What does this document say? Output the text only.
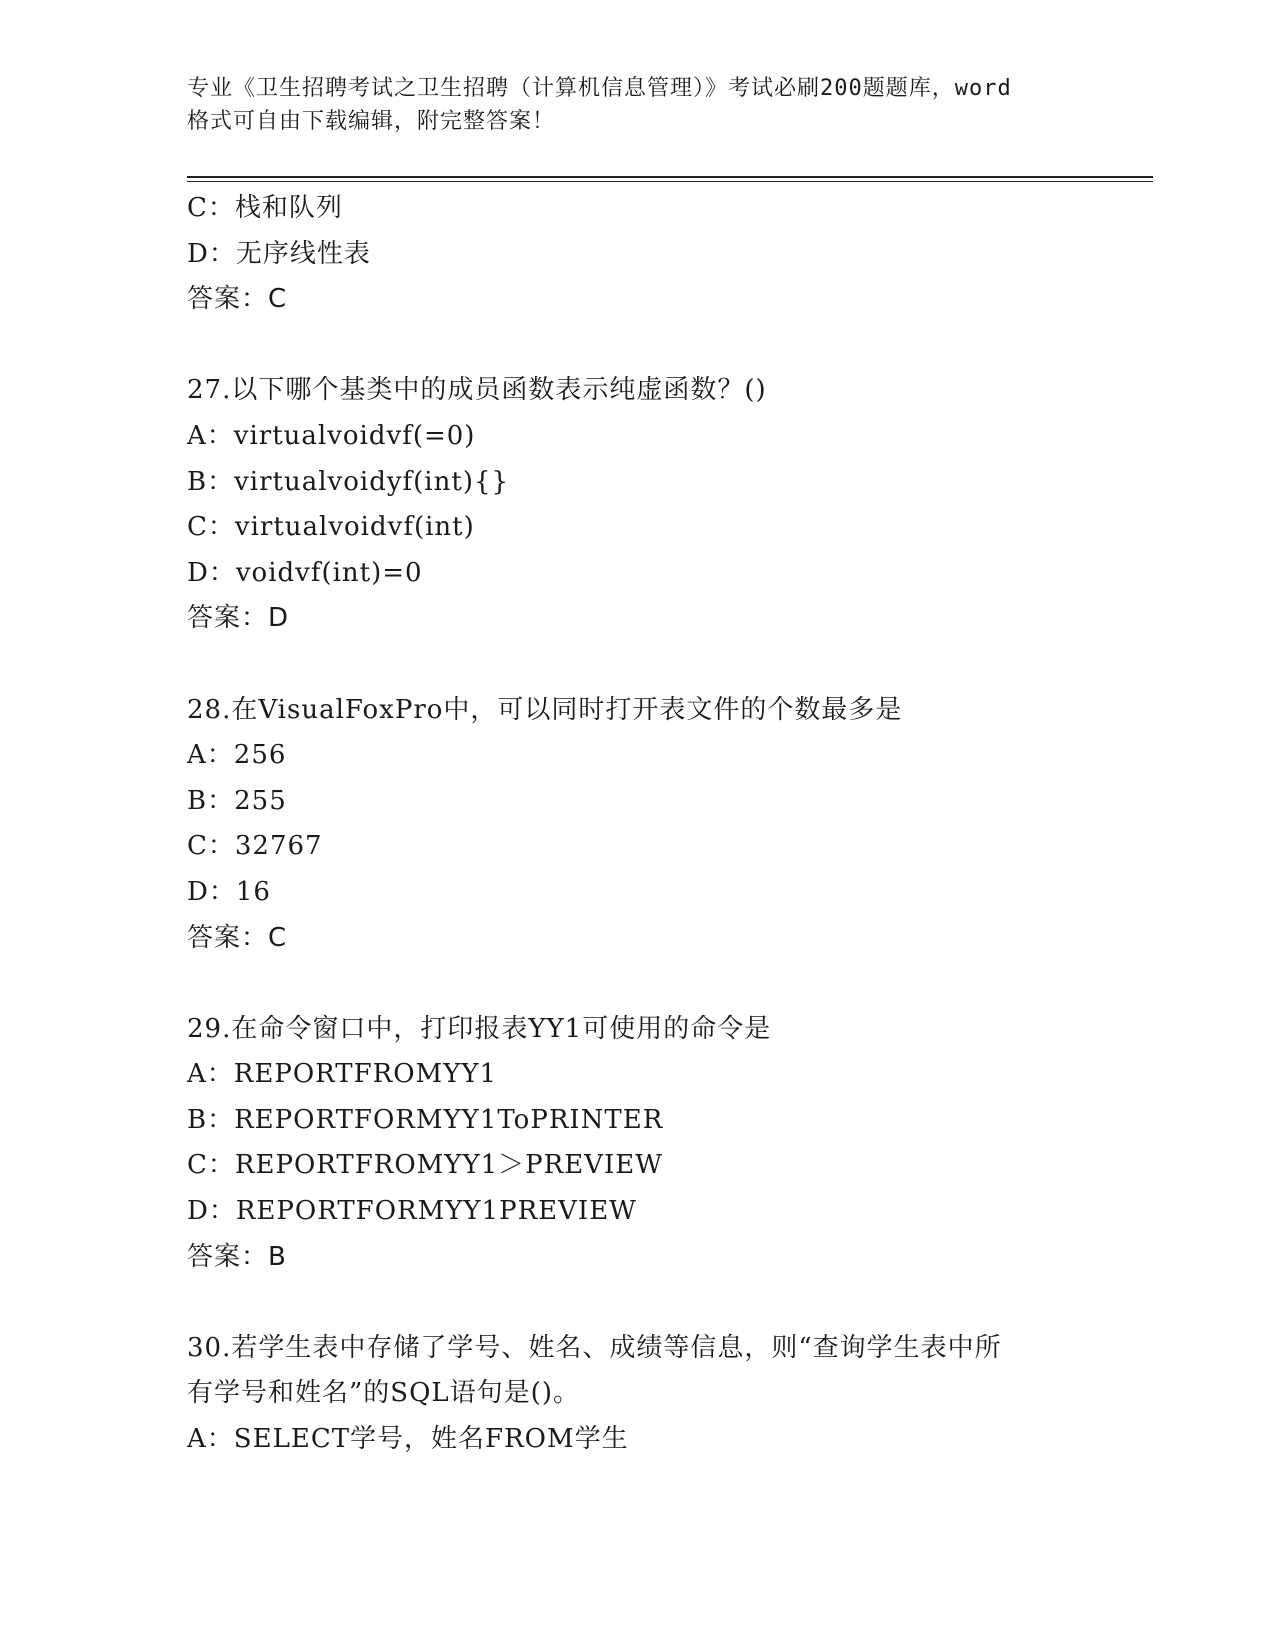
专业《卫生招聘考试之卫生招聘（计算机信息管理）》考试必刷200题题库，word
格式可自由下载编辑，附完整答案！
C：栈和队列
D：无序线性表
答案：C
27.以下哪个基类中的成员函数表示纯虚函数？()
A：virtualvoidvf(=0)
B：virtualvoidyf(int){}
C：virtualvoidvf(int)
D：voidvf(int)=0
答案：D
28.在VisualFoxPro中，可以同时打开表文件的个数最多是
A：256
B：255
C：32767
D：16
答案：C
29.在命令窗口中，打印报表YY1可使用的命令是
A：REPORTFROMYY1
B：REPORTFORMYY1ToPRINTER
C：REPORTFROMYY1＞PREVIEW
D：REPORTFORMYY1PREVIEW
答案：B
30.若学生表中存储了学号、姓名、成绩等信息，则“查询学生表中所
有学号和姓名”的SQL语句是()。
A：SELECT学号，姓名FROM学生
